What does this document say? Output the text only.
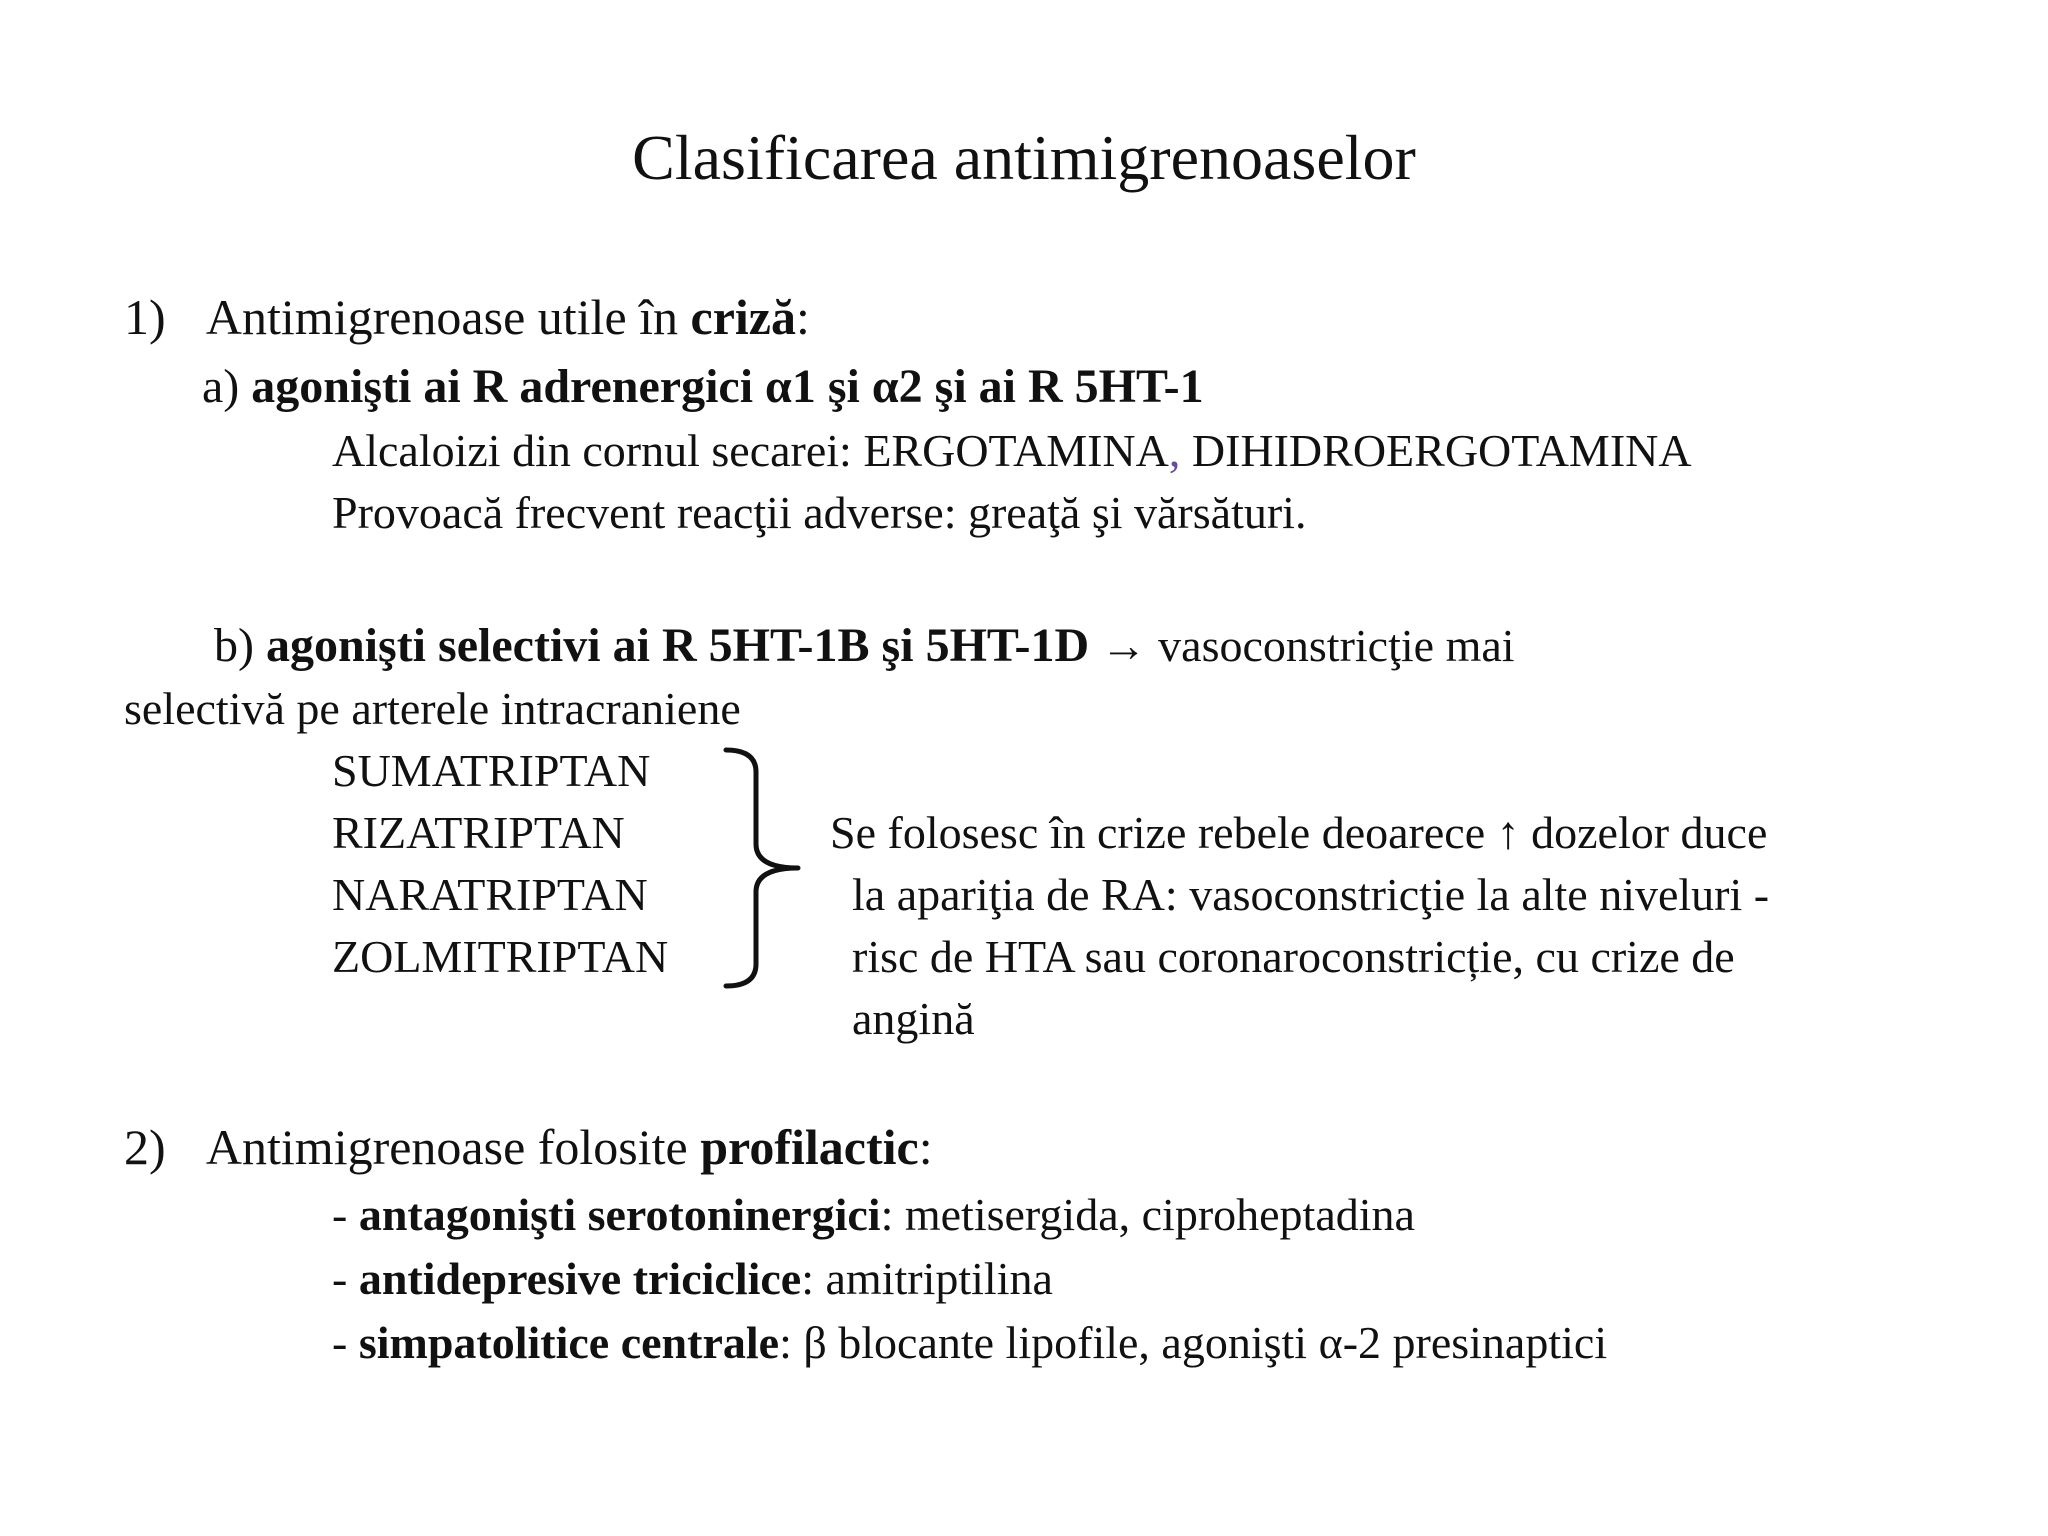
Clasificarea antimigrenoaselor
1) Antimigrenoase utile în criză:
a) agonişti ai R adrenergici α1 şi α2 şi ai R 5HT-1
Alcaloizi din cornul secarei: ERGOTAMINA, DIHIDROERGOTAMINA
Provoacă frecvent reacţii adverse: greaţă şi vărsături.
b) agonişti selectivi ai R 5HT-1B şi 5HT-1D → vasoconstricţie mai
selectivă pe arterele intracraniene
SUMATRIPTAN
RIZATRIPTAN
NARATRIPTAN
ZOLMITRIPTAN
Se folosesc în crize rebele deoarece ↑ dozelor duce
la apariţia de RA: vasoconstricţie la alte niveluri -
risc de HTA sau coronaroconstricție, cu crize de
angină
2) Antimigrenoase folosite profilactic:
- antagonişti serotoninergici: metisergida, ciproheptadina
- antidepresive triciclice: amitriptilina
- simpatolitice centrale: β blocante lipofile, agonişti α-2 presinaptici
